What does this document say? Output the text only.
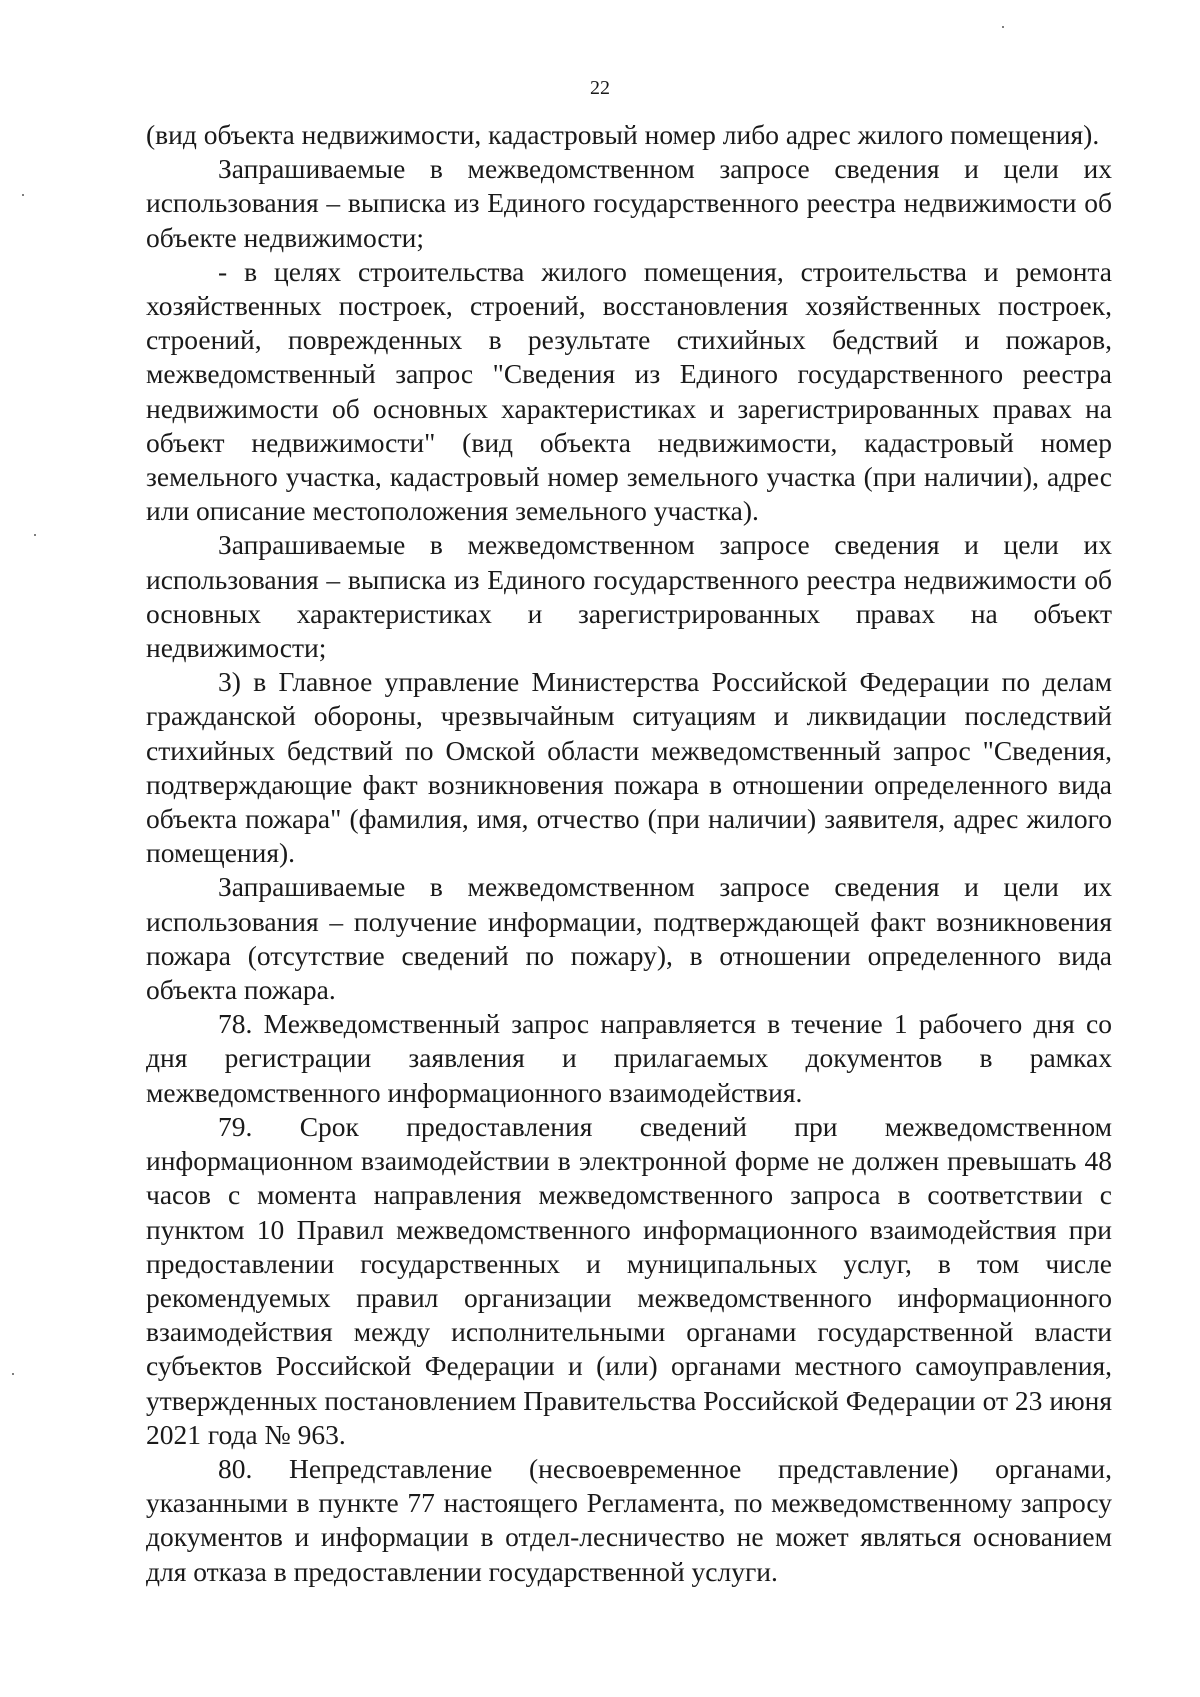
22

(вид объекта недвижимости, кадастровый номер либо адрес жилого помещения).

Запрашиваемые в межведомственном запросе сведения и цели их использования – выписка из Единого государственного реестра недвижимости об объекте недвижимости;

- в целях строительства жилого помещения, строительства и ремонта хозяйственных построек, строений, восстановления хозяйственных построек, строений, поврежденных в результате стихийных бедствий и пожаров, межведомственный запрос "Сведения из Единого государственного реестра недвижимости об основных характеристиках и зарегистрированных правах на объект недвижимости" (вид объекта недвижимости, кадастровый номер земельного участка, кадастровый номер земельного участка (при наличии), адрес или описание местоположения земельного участка).

Запрашиваемые в межведомственном запросе сведения и цели их использования – выписка из Единого государственного реестра недвижимости об основных характеристиках и зарегистрированных правах на объект недвижимости;

3) в Главное управление Министерства Российской Федерации по делам гражданской обороны, чрезвычайным ситуациям и ликвидации последствий стихийных бедствий по Омской области межведомственный запрос "Сведения, подтверждающие факт возникновения пожара в отношении определенного вида объекта пожара" (фамилия, имя, отчество (при наличии) заявителя, адрес жилого помещения).

Запрашиваемые в межведомственном запросе сведения и цели их использования – получение информации, подтверждающей факт возникновения пожара (отсутствие сведений по пожару), в отношении определенного вида объекта пожара.

78. Межведомственный запрос направляется в течение 1 рабочего дня со дня регистрации заявления и прилагаемых документов в рамках межведомственного информационного взаимодействия.

79. Срок предоставления сведений при межведомственном информационном взаимодействии в электронной форме не должен превышать 48 часов с момента направления межведомственного запроса в соответствии с пунктом 10 Правил межведомственного информационного взаимодействия при предоставлении государственных и муниципальных услуг, в том числе рекомендуемых правил организации межведомственного информационного взаимодействия между исполнительными органами государственной власти субъектов Российской Федерации и (или) органами местного самоуправления, утвержденных постановлением Правительства Российской Федерации от 23 июня 2021 года № 963.

80. Непредставление (несвоевременное представление) органами, указанными в пункте 77 настоящего Регламента, по межведомственному запросу документов и информации в отдел-лесничество не может являться основанием для отказа в предоставлении государственной услуги.
